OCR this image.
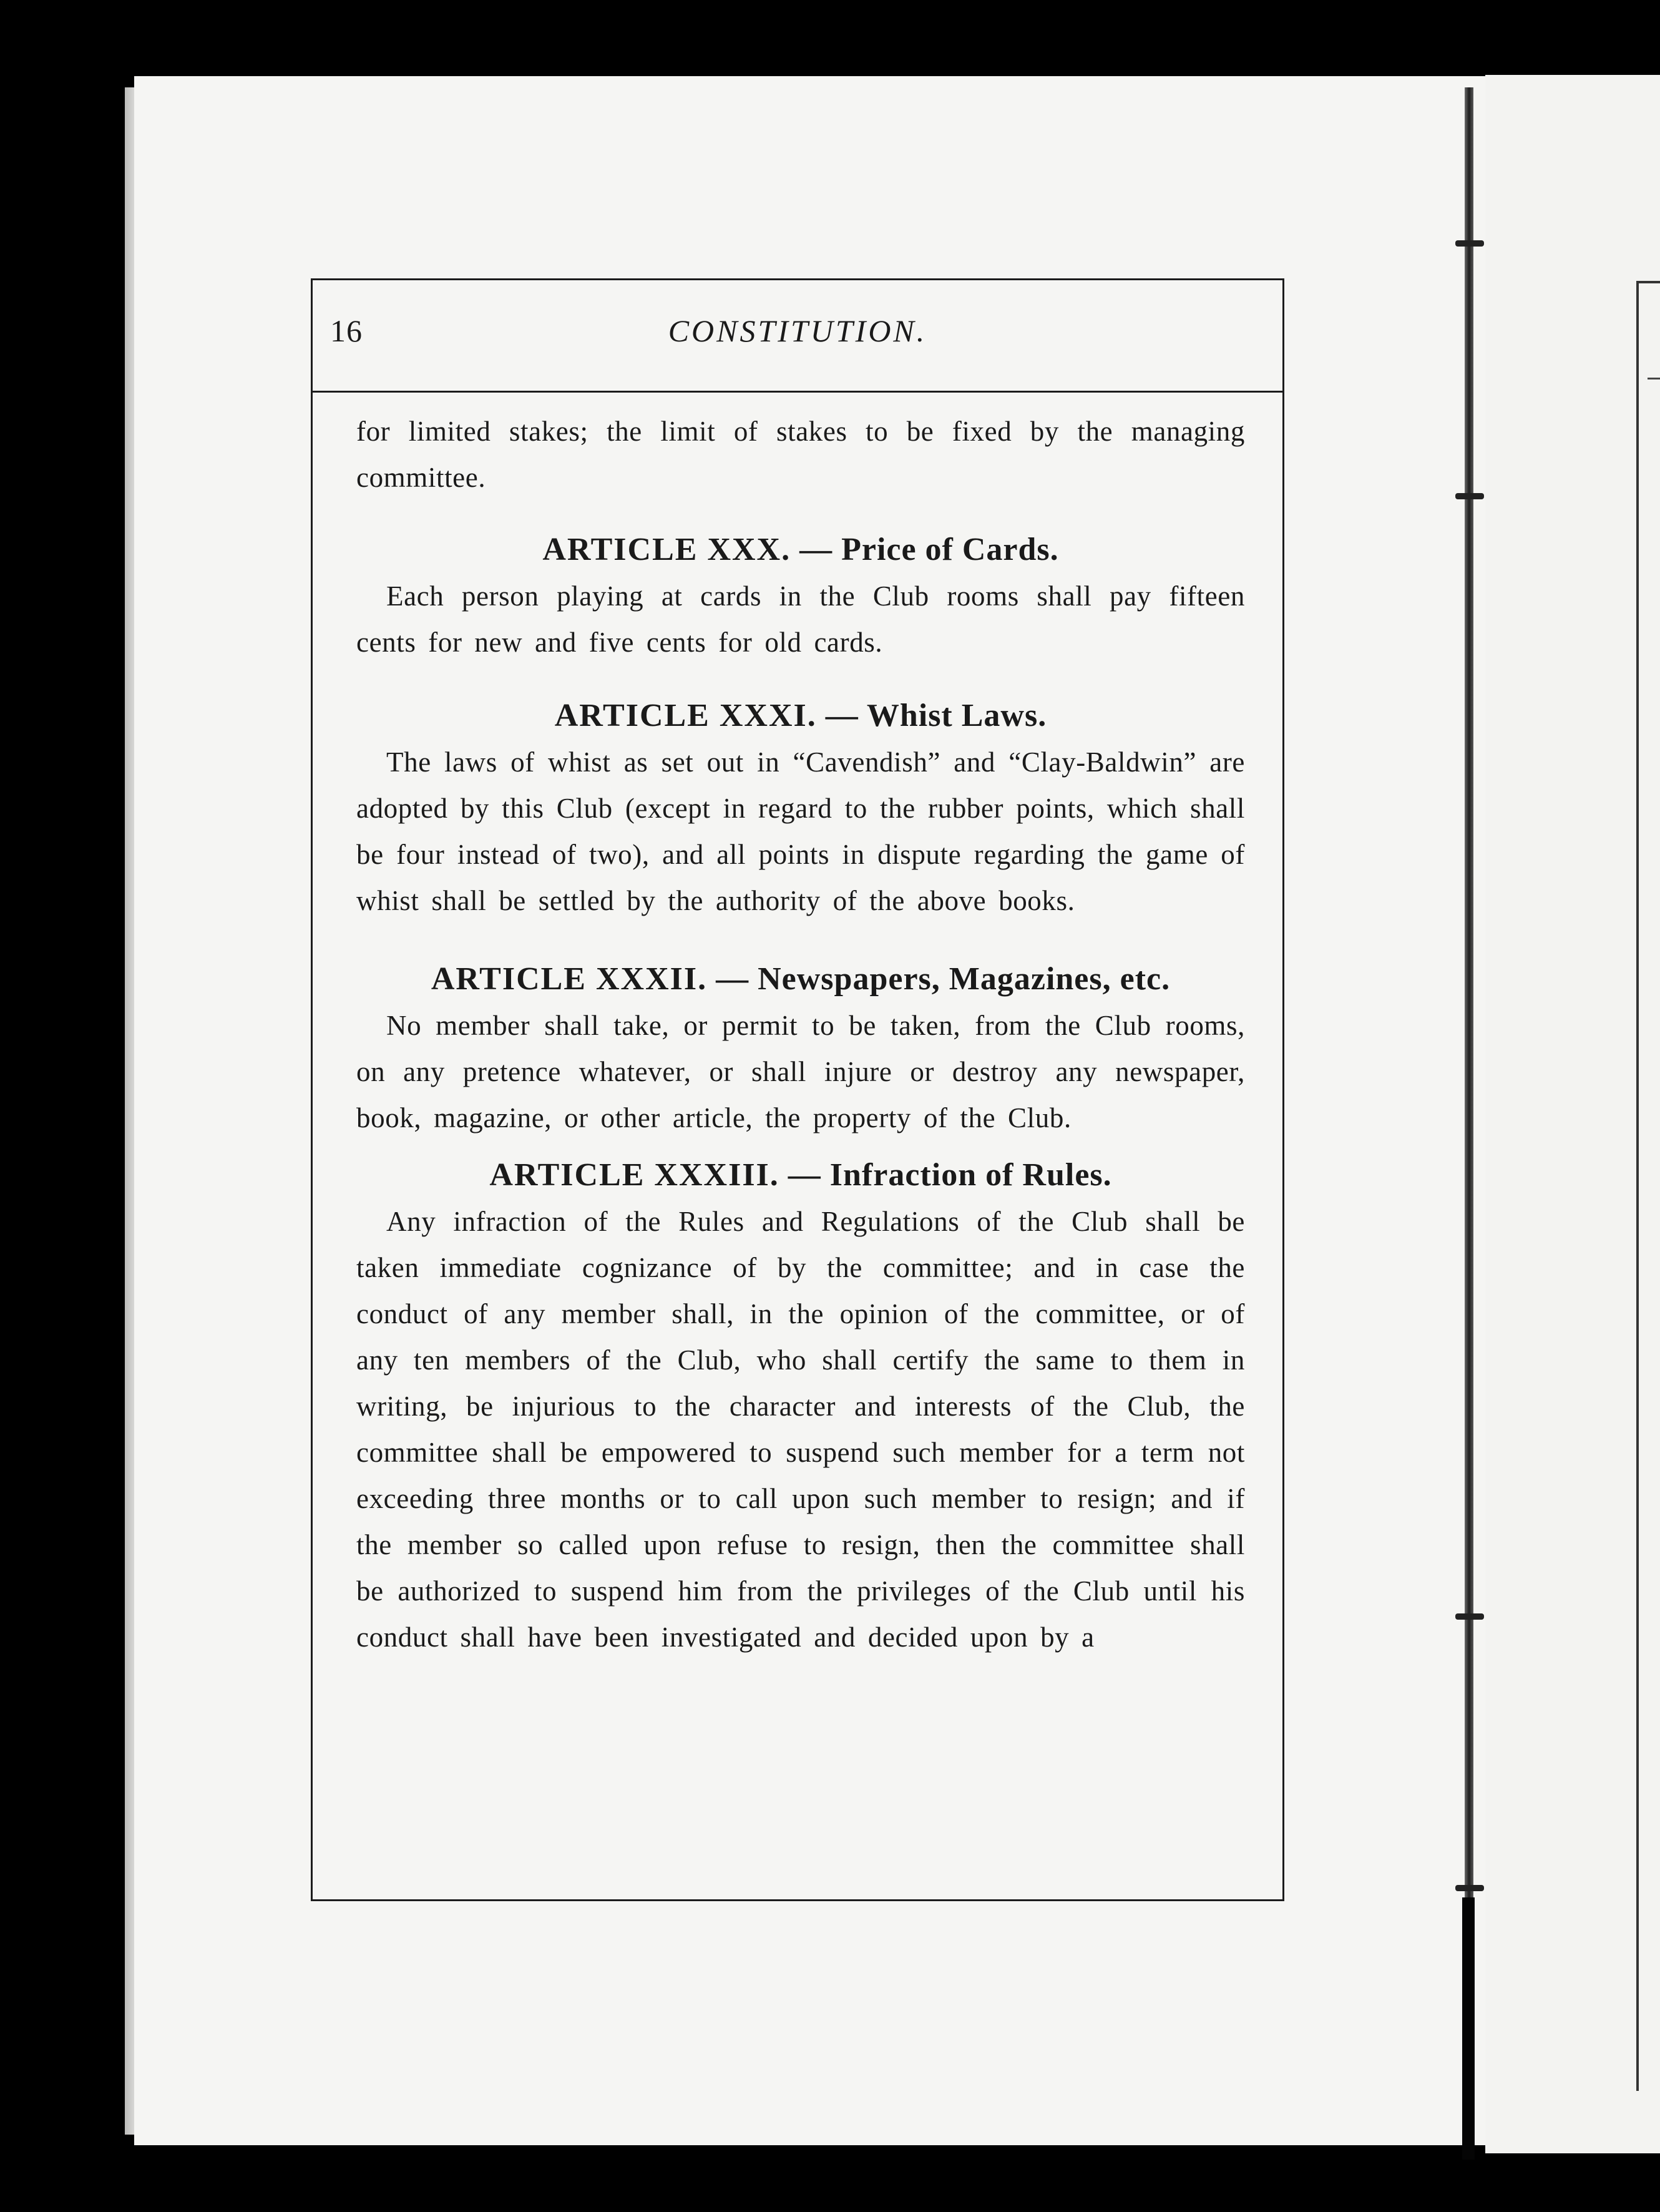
16	CONSTITUTION.

for limited stakes; the limit of stakes to be fixed by the managing committee.

ARTICLE XXX. — Price of Cards.

Each person playing at cards in the Club rooms shall pay fifteen cents for new and five cents for old cards.

ARTICLE XXXI. — Whist Laws.

The laws of whist as set out in “Cavendish” and “Clay-Baldwin” are adopted by this Club (except in regard to the rubber points, which shall be four instead of two), and all points in dispute regarding the game of whist shall be settled by the authority of the above books.

ARTICLE XXXII. — Newspapers, Magazines, etc.

No member shall take, or permit to be taken, from the Club rooms, on any pretence whatever, or shall injure or destroy any newspaper, book, magazine, or other article, the property of the Club.

ARTICLE XXXIII. — Infraction of Rules.

Any infraction of the Rules and Regulations of the Club shall be taken immediate cognizance of by the committee; and in case the conduct of any member shall, in the opinion of the committee, or of any ten members of the Club, who shall certify the same to them in writing, be injurious to the character and interests of the Club, the committee shall be empowered to suspend such member for a term not exceeding three months or to call upon such member to resign; and if the member so called upon refuse to resign, then the committee shall be authorized to suspend him from the privileges of the Club until his conduct shall have been investigated and decided upon by a
